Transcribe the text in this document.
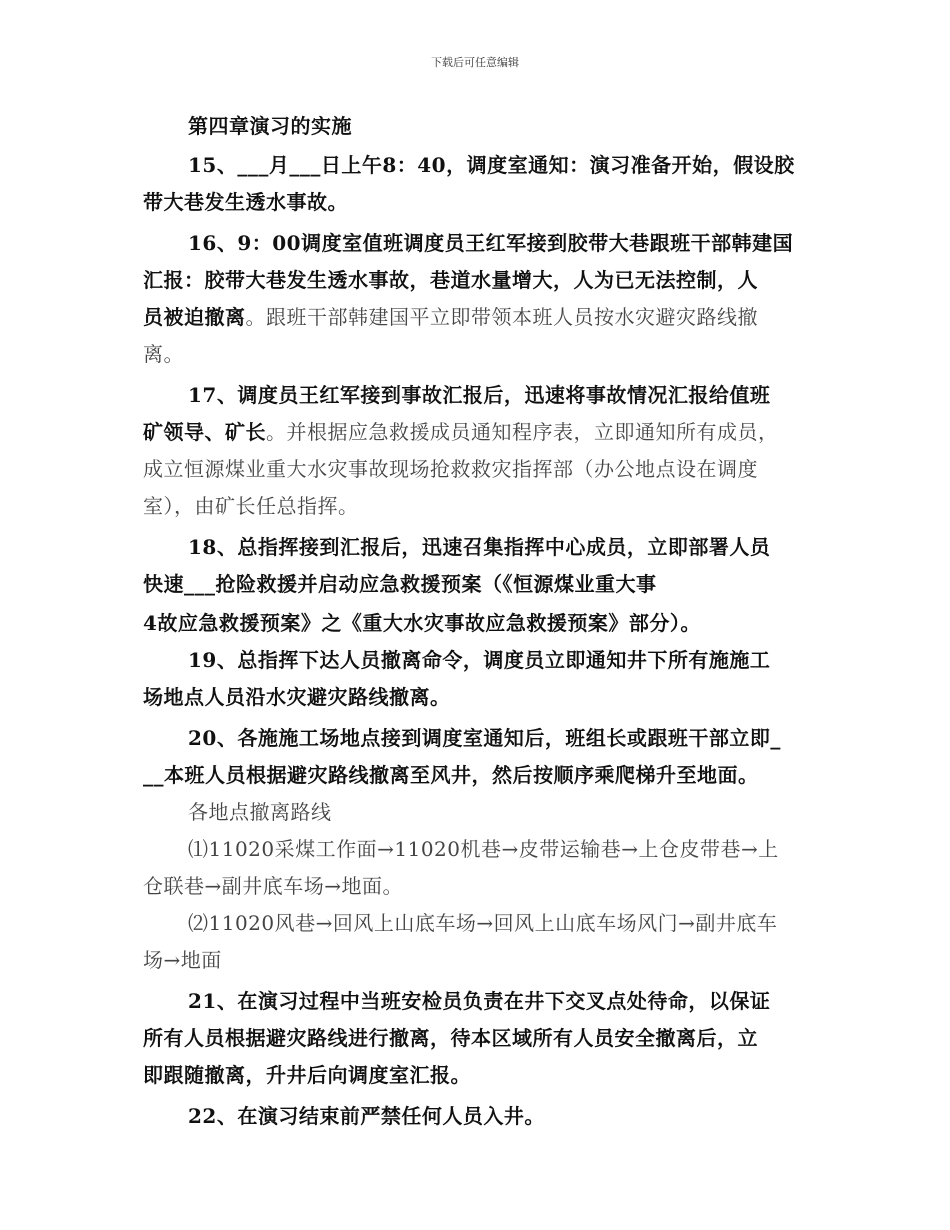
下载后可任意编辑
第四章演习的实施
15、___月___日上午8：40，调度室通知：演习准备开始，假设胶
带大巷发生透水事故。
16、9：00调度室值班调度员王红军接到胶带大巷跟班干部韩建国
汇报：胶带大巷发生透水事故，巷道水量增大，人为已无法控制，人
员被迫撤离。跟班干部韩建国平立即带领本班人员按水灾避灾路线撤
离。
17、调度员王红军接到事故汇报后，迅速将事故情况汇报给值班
矿领导、矿长。并根据应急救援成员通知程序表，立即通知所有成员，
成立恒源煤业重大水灾事故现场抢救救灾指挥部（办公地点设在调度
室），由矿长任总指挥。
18、总指挥接到汇报后，迅速召集指挥中心成员，立即部署人员
快速___抢险救援并启动应急救援预案（《恒源煤业重大事
4故应急救援预案》之《重大水灾事故应急救援预案》部分）。
19、总指挥下达人员撤离命令，调度员立即通知井下所有施施工
场地点人员沿水灾避灾路线撤离。
20、各施施工场地点接到调度室通知后，班组长或跟班干部立即_
__本班人员根据避灾路线撤离至风井，然后按顺序乘爬梯升至地面。
各地点撤离路线
⑴11020采煤工作面→11020机巷→皮带运输巷→上仓皮带巷→上
仓联巷→副井底车场→地面。
⑵11020风巷→回风上山底车场→回风上山底车场风门→副井底车
场→地面
21、在演习过程中当班安检员负责在井下交叉点处待命，以保证
所有人员根据避灾路线进行撤离，待本区域所有人员安全撤离后，立
即跟随撤离，升井后向调度室汇报。
22、在演习结束前严禁任何人员入井。
